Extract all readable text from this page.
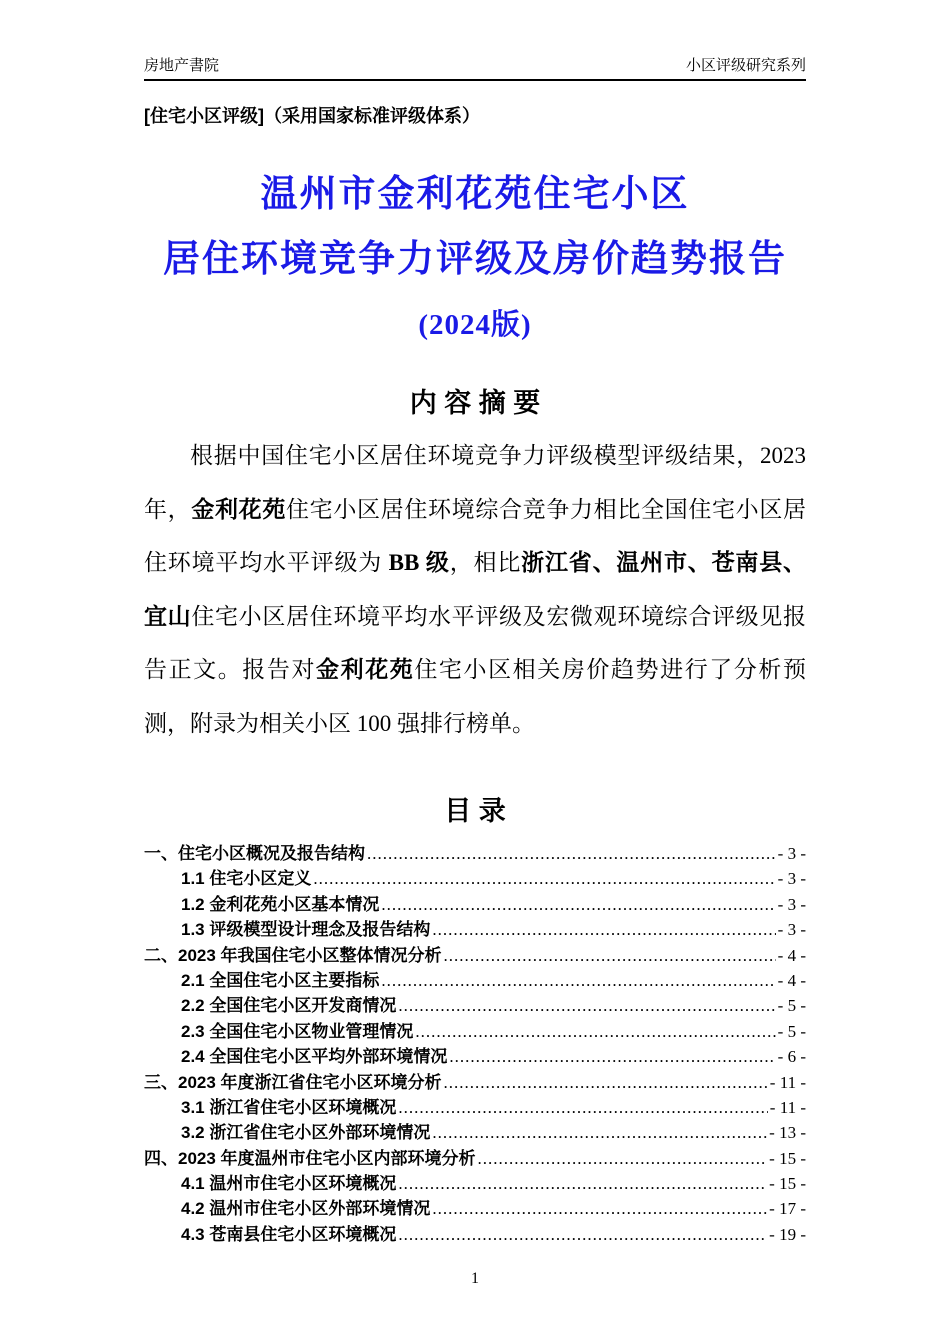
房地产書院	小区评级研究系列
[住宅小区评级]（采用国家标准评级体系）
温州市金利花苑住宅小区
居住环境竞争力评级及房价趋势报告
(2024版)
内 容 摘 要

根据中国住宅小区居住环境竞争力评级模型评级结果，2023 年，金利花苑住宅小区居住环境综合竞争力相比全国住宅小区居住环境平均水平评级为 BB 级，相比浙江省、温州市、苍南县、宜山住宅小区居住环境平均水平评级及宏微观环境综合评级见报告正文。报告对金利花苑住宅小区相关房价趋势进行了分析预测，附录为相关小区 100 强排行榜单。

目 录
一、住宅小区概况及报告结构 .....	- 3 -
1.1 住宅小区定义 .....	- 3 -
1.2 金利花苑小区基本情况 .....	- 3 -
1.3 评级模型设计理念及报告结构 .....	- 3 -
二、2023 年我国住宅小区整体情况分析 .....	- 4 -
2.1 全国住宅小区主要指标 .....	- 4 -
2.2 全国住宅小区开发商情况 .....	- 5 -
2.3 全国住宅小区物业管理情况 .....	- 5 -
2.4 全国住宅小区平均外部环境情况 .....	- 6 -
三、2023 年度浙江省住宅小区环境分析 .....	- 11 -
3.1 浙江省住宅小区环境概况 .....	- 11 -
3.2 浙江省住宅小区外部环境情况 .....	- 13 -
四、2023 年度温州市住宅小区内部环境分析 .....	- 15 -
4.1 温州市住宅小区环境概况 .....	- 15 -
4.2 温州市住宅小区外部环境情况 .....	- 17 -
4.3 苍南县住宅小区环境概况 .....	- 19 -
1
